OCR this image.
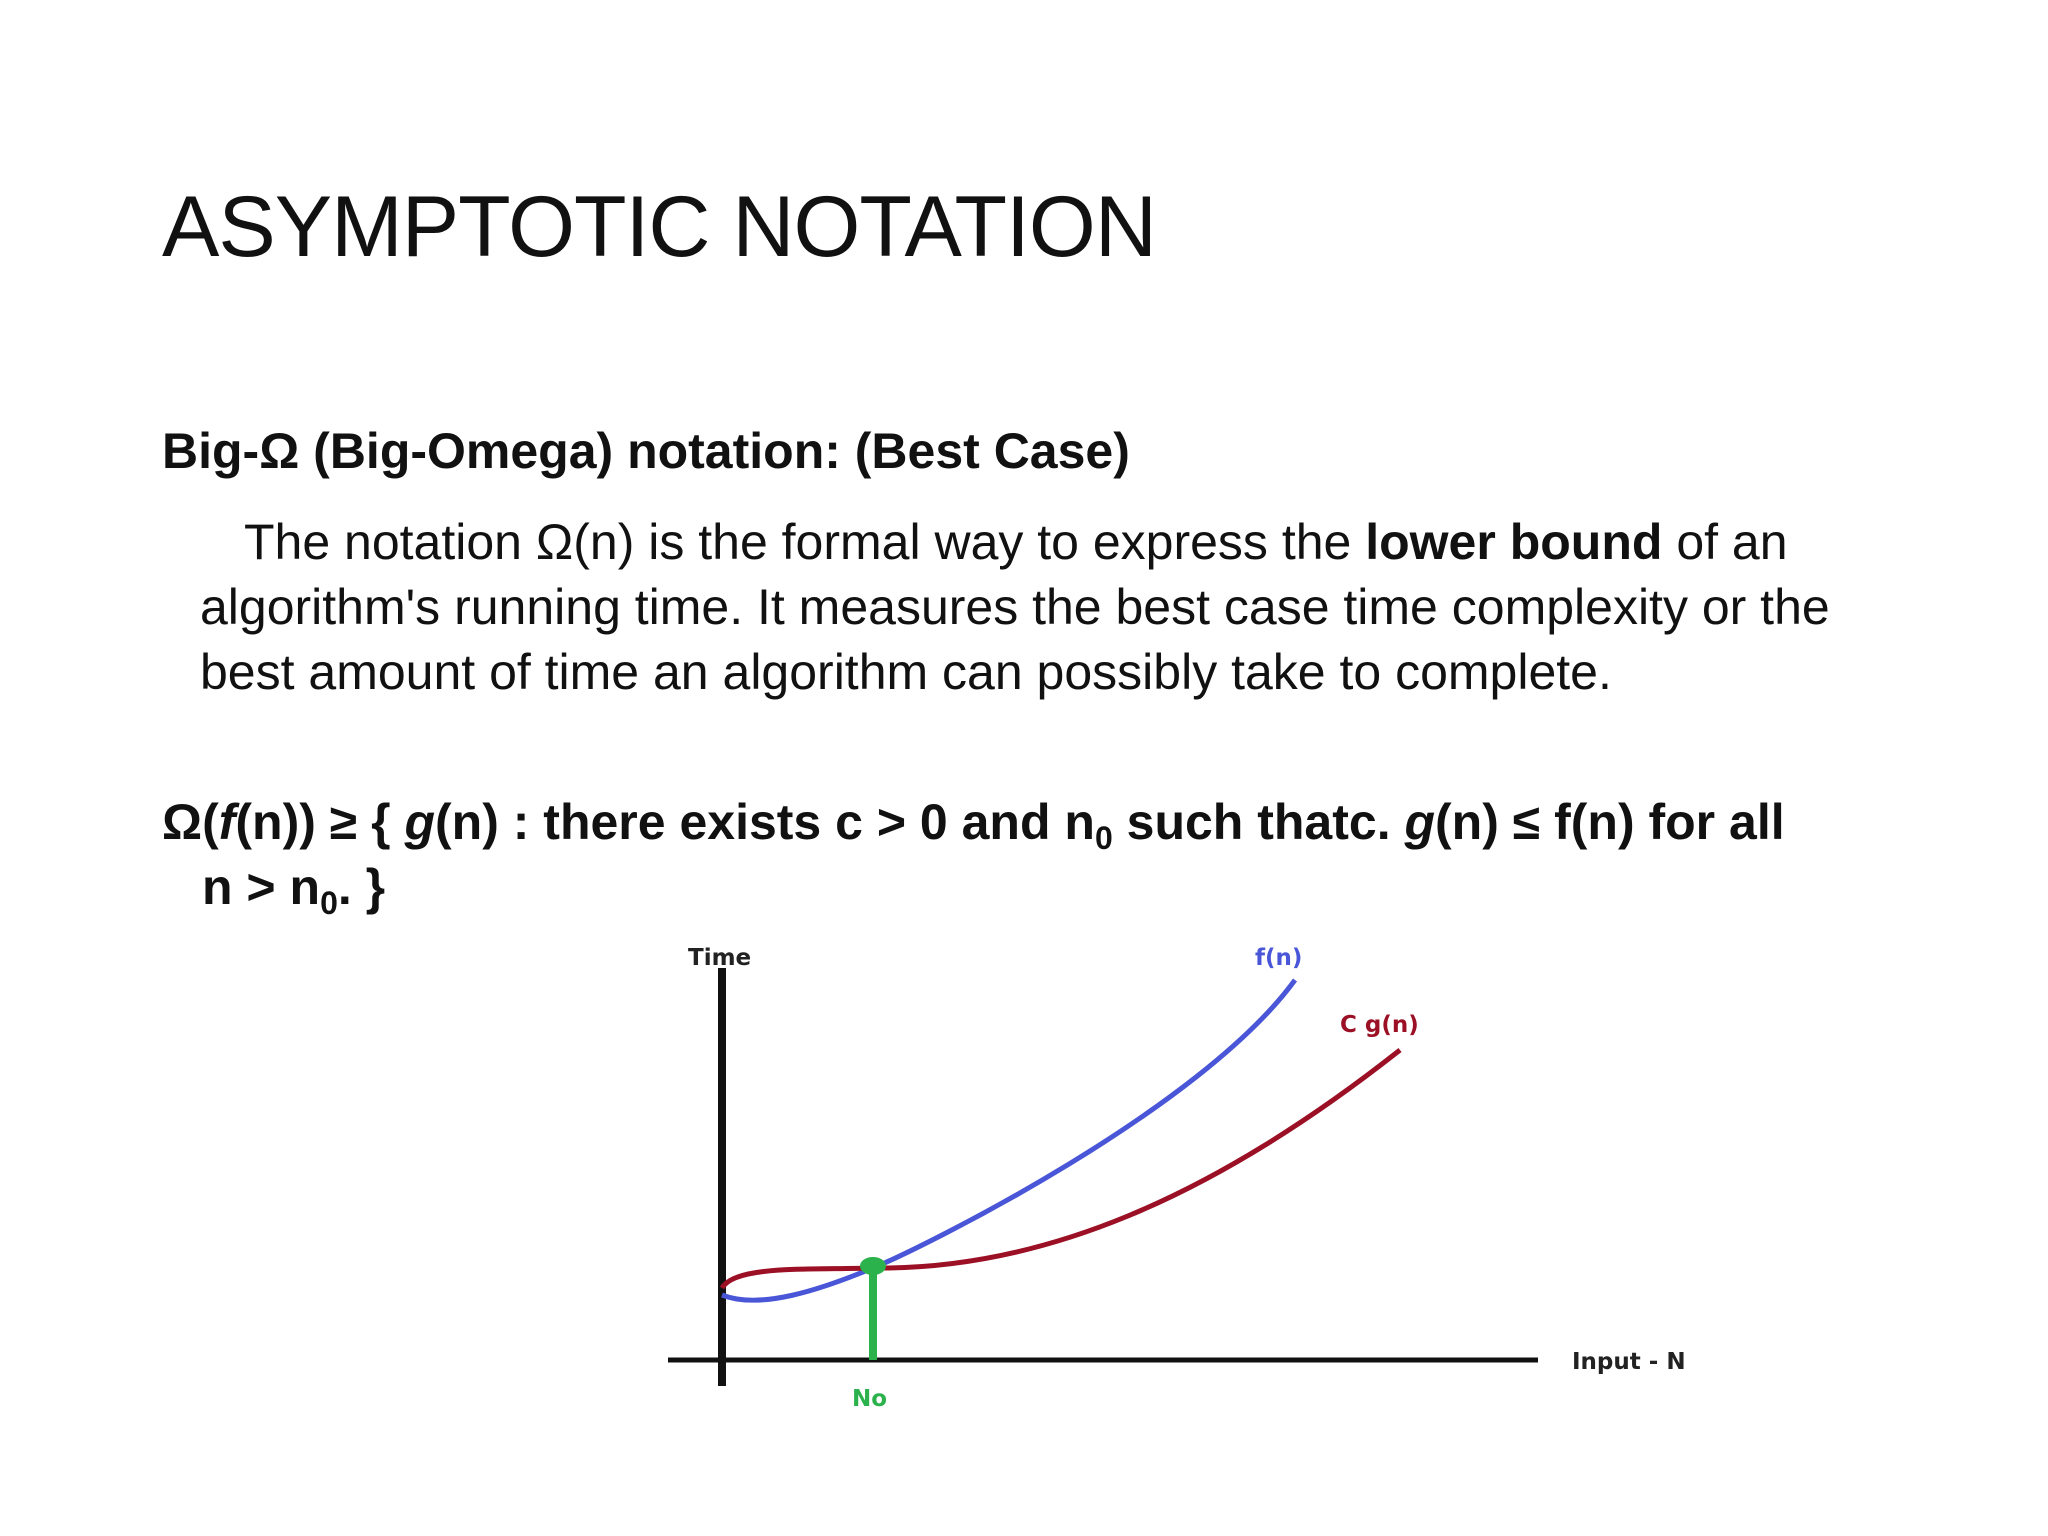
ASYMPTOTIC NOTATION
Big-Ω (Big-Omega) notation: (Best Case)

The notation Ω(n) is the formal way to express the lower bound of an algorithm's running time. It measures the best case time complexity or the best amount of time an algorithm can possibly take to complete.

Ω(f(n)) ≥ { g(n) : there exists c > 0 and $n_0$ such thatc. g(n) ≤ f(n) for all
$n > n_0$. }
Time	f(n)
C g(n)
Input - N
No
